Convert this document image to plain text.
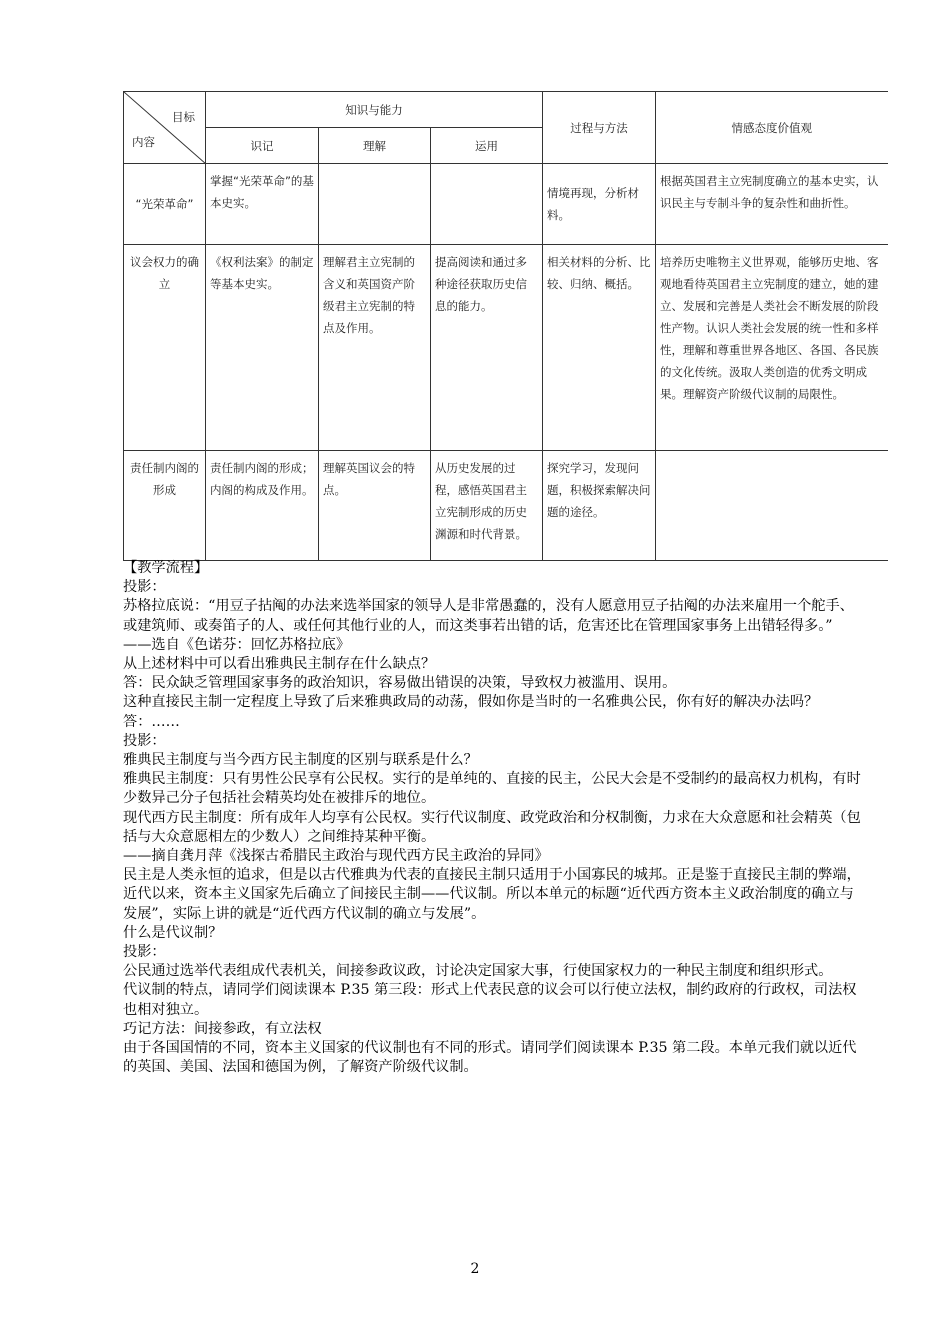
目标
内容	知识与能力			过程与方法	情感态度价值观
	识记	理解	运用		
“光荣革命”	掌握“光荣革命”的基本史实。			情境再现，分析材料。	根据英国君主立宪制度确立的基本史实，认识民主与专制斗争的复杂性和曲折性。
议会权力的确立	《权利法案》的制定等基本史实。	理解君主立宪制的含义和英国资产阶级君主立宪制的特点及作用。	提高阅读和通过多种途径获取历史信息的能力。	相关材料的分析、比较、归纳、概括。	培养历史唯物主义世界观，能够历史地、客观地看待英国君主立宪制度的建立，她的建立、发展和完善是人类社会不断发展的阶段性产物。认识人类社会发展的统一性和多样性，理解和尊重世界各地区、各国、各民族的文化传统。汲取人类创造的优秀文明成果。理解资产阶级代议制的局限性。
责任制内阁的形成	责任制内阁的形成；内阁的构成及作用。	理解英国议会的特点。	从历史发展的过程，感悟英国君主立宪制形成的历史渊源和时代背景。	探究学习，发现问题，积极探索解决问题的途径。	

【教学流程】

投影：

苏格拉底说：“用豆子拈阄的办法来选举国家的领导人是非常愚蠢的，没有人愿意用豆子拈阄的办法来雇用一个舵手、或建筑师、或奏笛子的人、或任何其他行业的人，而这类事若出错的话，危害还比在管理国家事务上出错轻得多。”

——选自《色诺芬：回忆苏格拉底》

从上述材料中可以看出雅典民主制存在什么缺点？

答：民众缺乏管理国家事务的政治知识，容易做出错误的决策，导致权力被滥用、误用。

这种直接民主制一定程度上导致了后来雅典政局的动荡，假如你是当时的一名雅典公民，你有好的解决办法吗？

答：……

投影：

雅典民主制度与当今西方民主制度的区别与联系是什么？

雅典民主制度：只有男性公民享有公民权。实行的是单纯的、直接的民主，公民大会是不受制约的最高权力机构，有时少数异己分子包括社会精英均处在被排斥的地位。

现代西方民主制度：所有成年人均享有公民权。实行代议制度、政党政治和分权制衡，力求在大众意愿和社会精英（包括与大众意愿相左的少数人）之间维持某种平衡。

——摘自龚月萍《浅探古希腊民主政治与现代西方民主政治的异同》

民主是人类永恒的追求，但是以古代雅典为代表的直接民主制只适用于小国寡民的城邦。正是鉴于直接民主制的弊端，近代以来，资本主义国家先后确立了间接民主制——代议制。所以本单元的标题“近代西方资本主义政治制度的确立与发展”，实际上讲的就是“近代西方代议制的确立与发展”。

什么是代议制？

投影：

公民通过选举代表组成代表机关，间接参政议政，讨论决定国家大事，行使国家权力的一种民主制度和组织形式。

代议制的特点，请同学们阅读课本 P.35 第三段：形式上代表民意的议会可以行使立法权，制约政府的行政权，司法权也相对独立。

巧记方法：间接参政，有立法权

由于各国国情的不同，资本主义国家的代议制也有不同的形式。请同学们阅读课本 P.35 第二段。本单元我们就以近代的英国、美国、法国和德国为例，了解资产阶级代议制。

2
